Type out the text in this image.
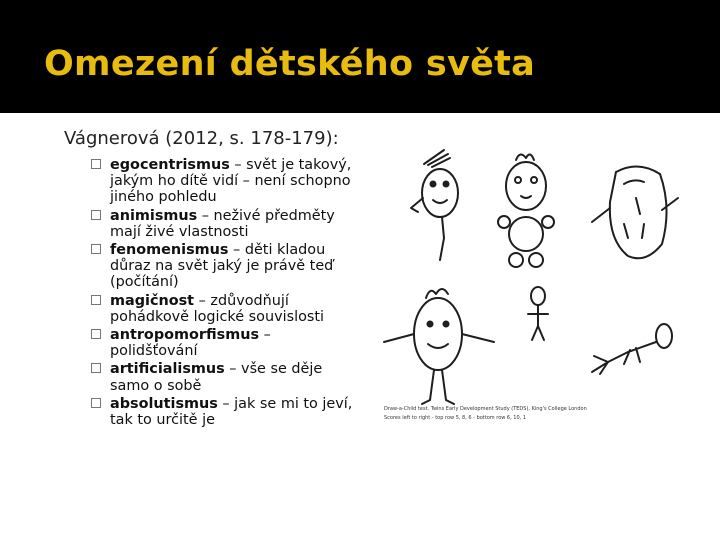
Omezení dětského světa
Vágnerová (2012, s. 178-179):
egocentrismus – svět je takový, jakým ho dítě vidí – není schopno jiného pohledu
animismus – neživé předměty mají živé vlastnosti
fenomenismus – děti kladou důraz na svět jaký je právě teď (počítání)
magičnost – zdůvodňují pohádkově logické souvislosti
antropomorfismus – polidšťování
artificialismus – vše se děje samo o sobě
absolutismus – jak se mi to jeví, tak to určitě je
Draw-a-Child test. Twins Early Development Study (TEDS), King's College London
Scores left to right - top row 5, 8, 6 - bottom row 6, 10, 1
